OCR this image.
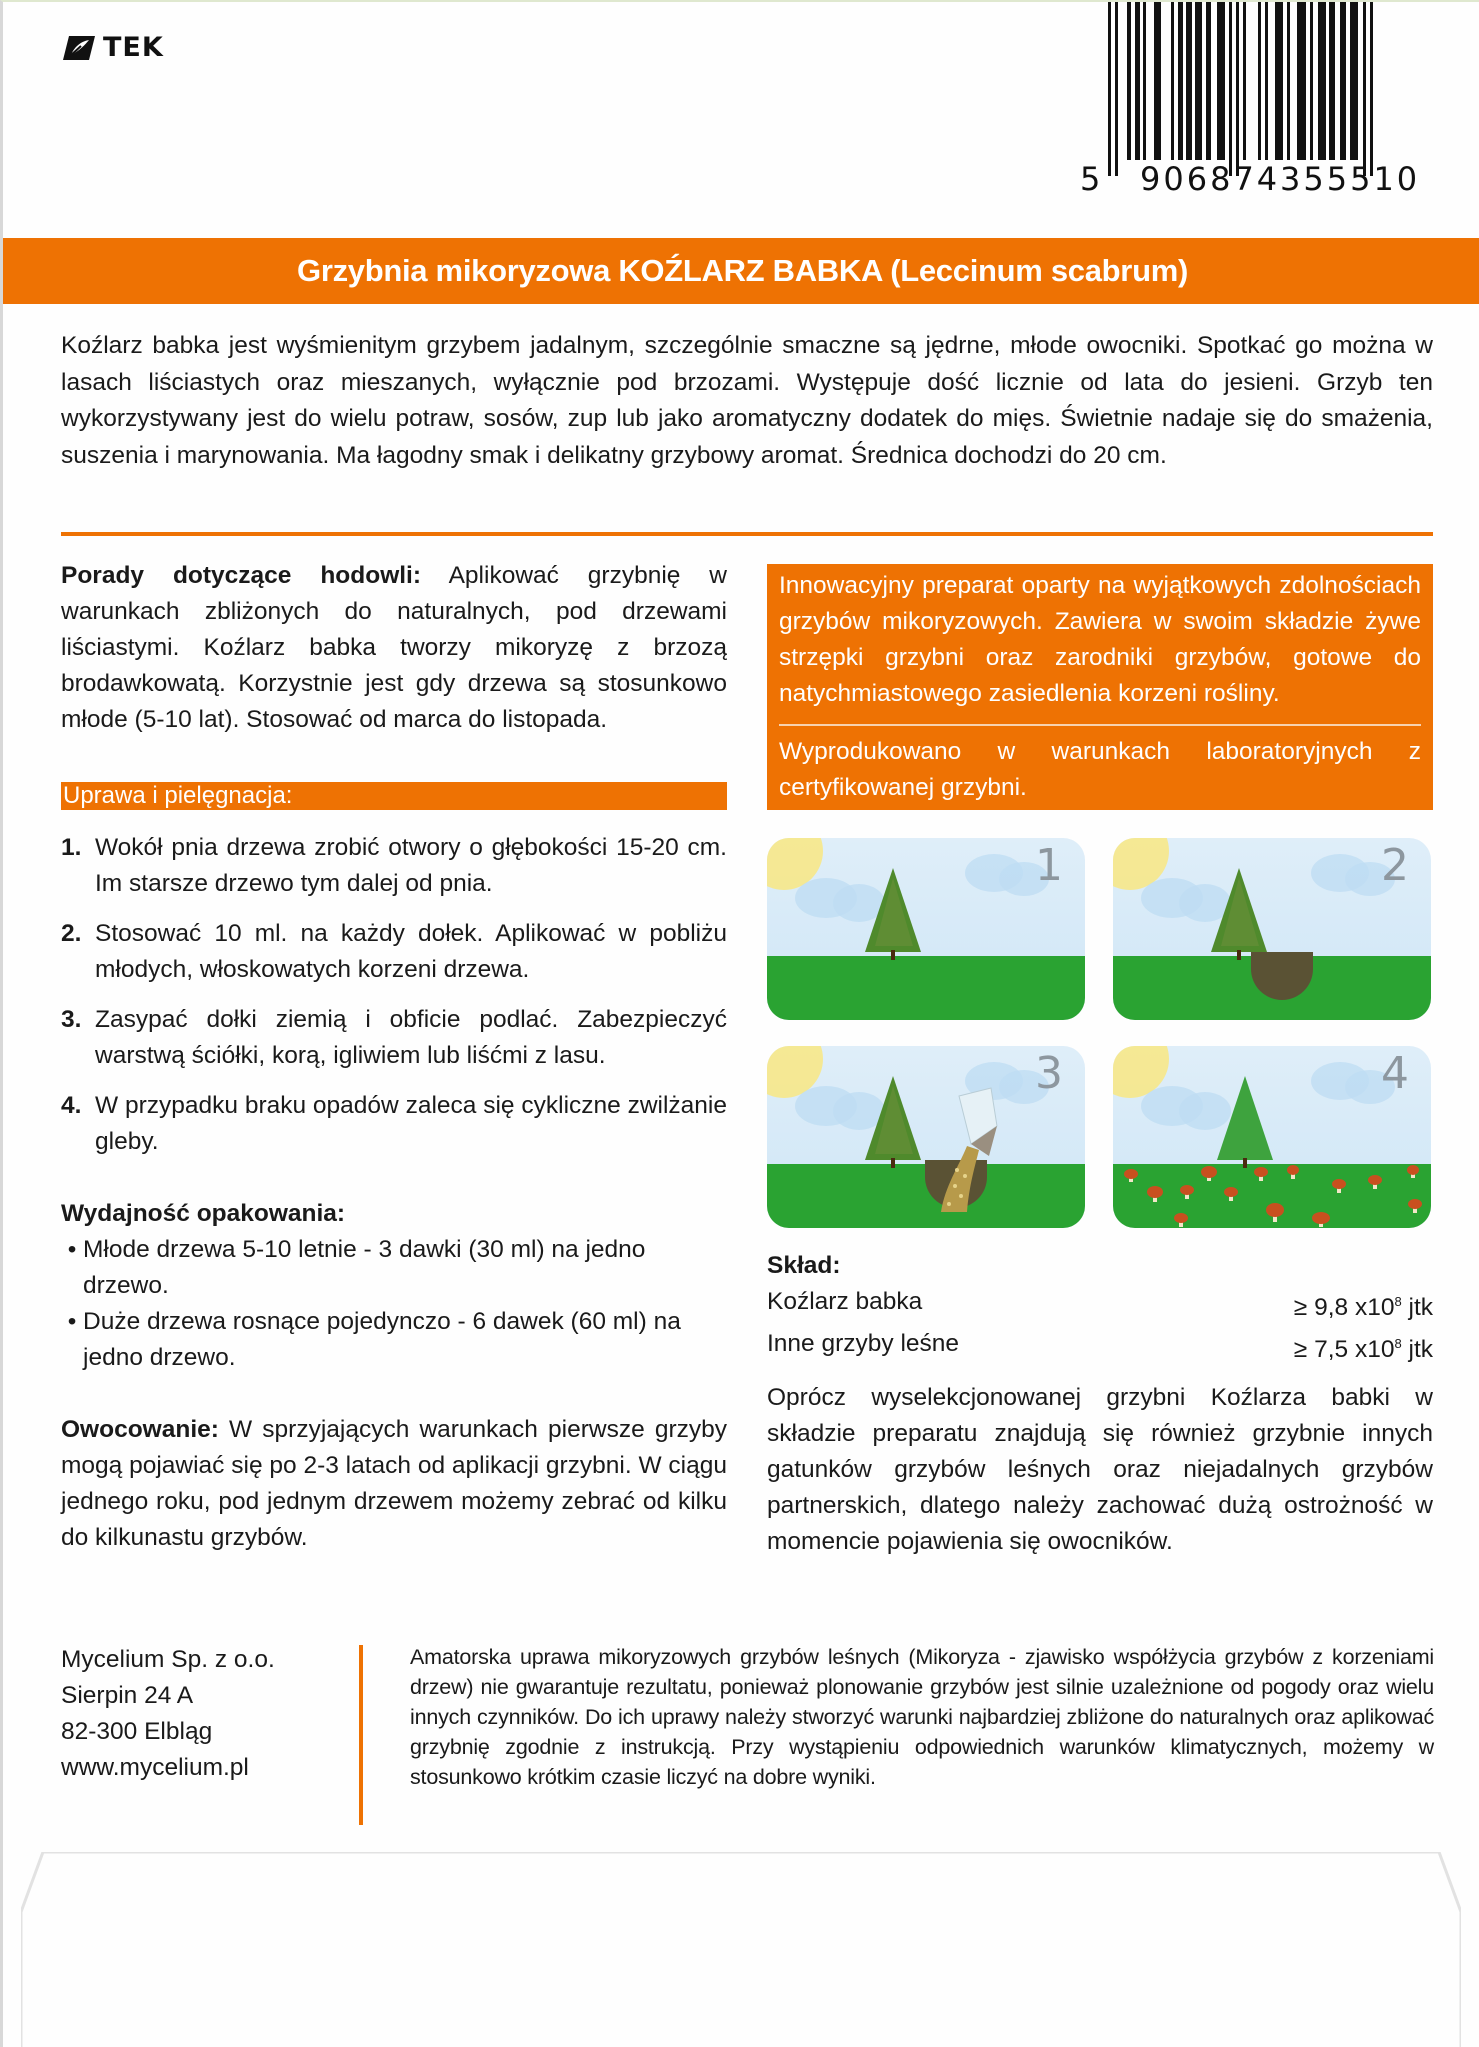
TEK
5 906874 355510
Grzybnia mikoryzowa KOŹLARZ BABKA (Leccinum scabrum)

Koźlarz babka jest wyśmienitym grzybem jadalnym, szczególnie smaczne są jędrne, młode owocniki. Spotkać go można w lasach liściastych oraz mieszanych, wyłącznie pod brzozami. Występuje dość licznie od lata do jesieni. Grzyb ten wykorzystywany jest do wielu potraw, sosów, zup lub jako aromatyczny dodatek do mięs. Świetnie nadaje się do smażenia, suszenia i marynowania. Ma łagodny smak i delikatny grzybowy aromat. Średnica dochodzi do 20 cm.

Porady dotyczące hodowli: Aplikować grzybnię w warunkach zbliżonych do naturalnych, pod drzewami liściastymi. Koźlarz babka tworzy mikoryzę z brzozą brodawkowatą. Korzystnie jest gdy drzewa są stosunkowo młode (5-10 lat). Stosować od marca do listopada.

Uprawa i pielęgnacja:
1. Wokół pnia drzewa zrobić otwory o głębokości 15-20 cm. Im starsze drzewo tym dalej od pnia.
2. Stosować 10 ml. na każdy dołek. Aplikować w pobliżu młodych, włoskowatych korzeni drzewa.
3. Zasypać dołki ziemią i obficie podlać. Zabezpieczyć warstwą ściółki, korą, igliwiem lub liśćmi z lasu.
4. W przypadku braku opadów zaleca się cykliczne zwilżanie gleby.
Wydajność opakowania:
• Młode drzewa 5-10 letnie - 3 dawki (30 ml) na jedno drzewo.
• Duże drzewa rosnące pojedynczo - 6 dawek (60 ml) na jedno drzewo.

Owocowanie: W sprzyjających warunkach pierwsze grzyby mogą pojawiać się po 2-3 latach od aplikacji grzybni. W ciągu jednego roku, pod jednym drzewem możemy zebrać od kilku do kilkunastu grzybów.

Innowacyjny preparat oparty na wyjątkowych zdolnościach grzybów mikoryzowych. Zawiera w swoim składzie żywe strzępki grzybni oraz zarodniki grzybów, gotowe do natychmiastowego zasiedlenia korzeni rośliny.

Wyprodukowano w warunkach laboratoryjnych z certyfikowanej grzybni.

1	2
3	4
Skład:
Koźlarz babka	≥ 9,8 $x10^8$ jtk
Inne grzyby leśne	≥ 7,5 $x10^8$ jtk

Oprócz wyselekcjonowanej grzybni Koźlarza babki w składzie preparatu znajdują się również grzybnie innych gatunków grzybów leśnych oraz niejadalnych grzybów partnerskich, dlatego należy zachować dużą ostrożność w momencie pojawienia się owocników.

Mycelium Sp. z o.o.
Sierpin 24 A
82-300 Elbląg
www.mycelium.pl

Amatorska uprawa mikoryzowych grzybów leśnych (Mikoryza - zjawisko współżycia grzybów z korzeniami drzew) nie gwarantuje rezultatu, ponieważ plonowanie grzybów jest silnie uzależnione od pogody oraz wielu innych czynników. Do ich uprawy należy stworzyć warunki najbardziej zbliżone do naturalnych oraz aplikować grzybnię zgodnie z instrukcją. Przy wystąpieniu odpowiednich warunków klimatycznych, możemy w stosunkowo krótkim czasie liczyć na dobre wyniki.
